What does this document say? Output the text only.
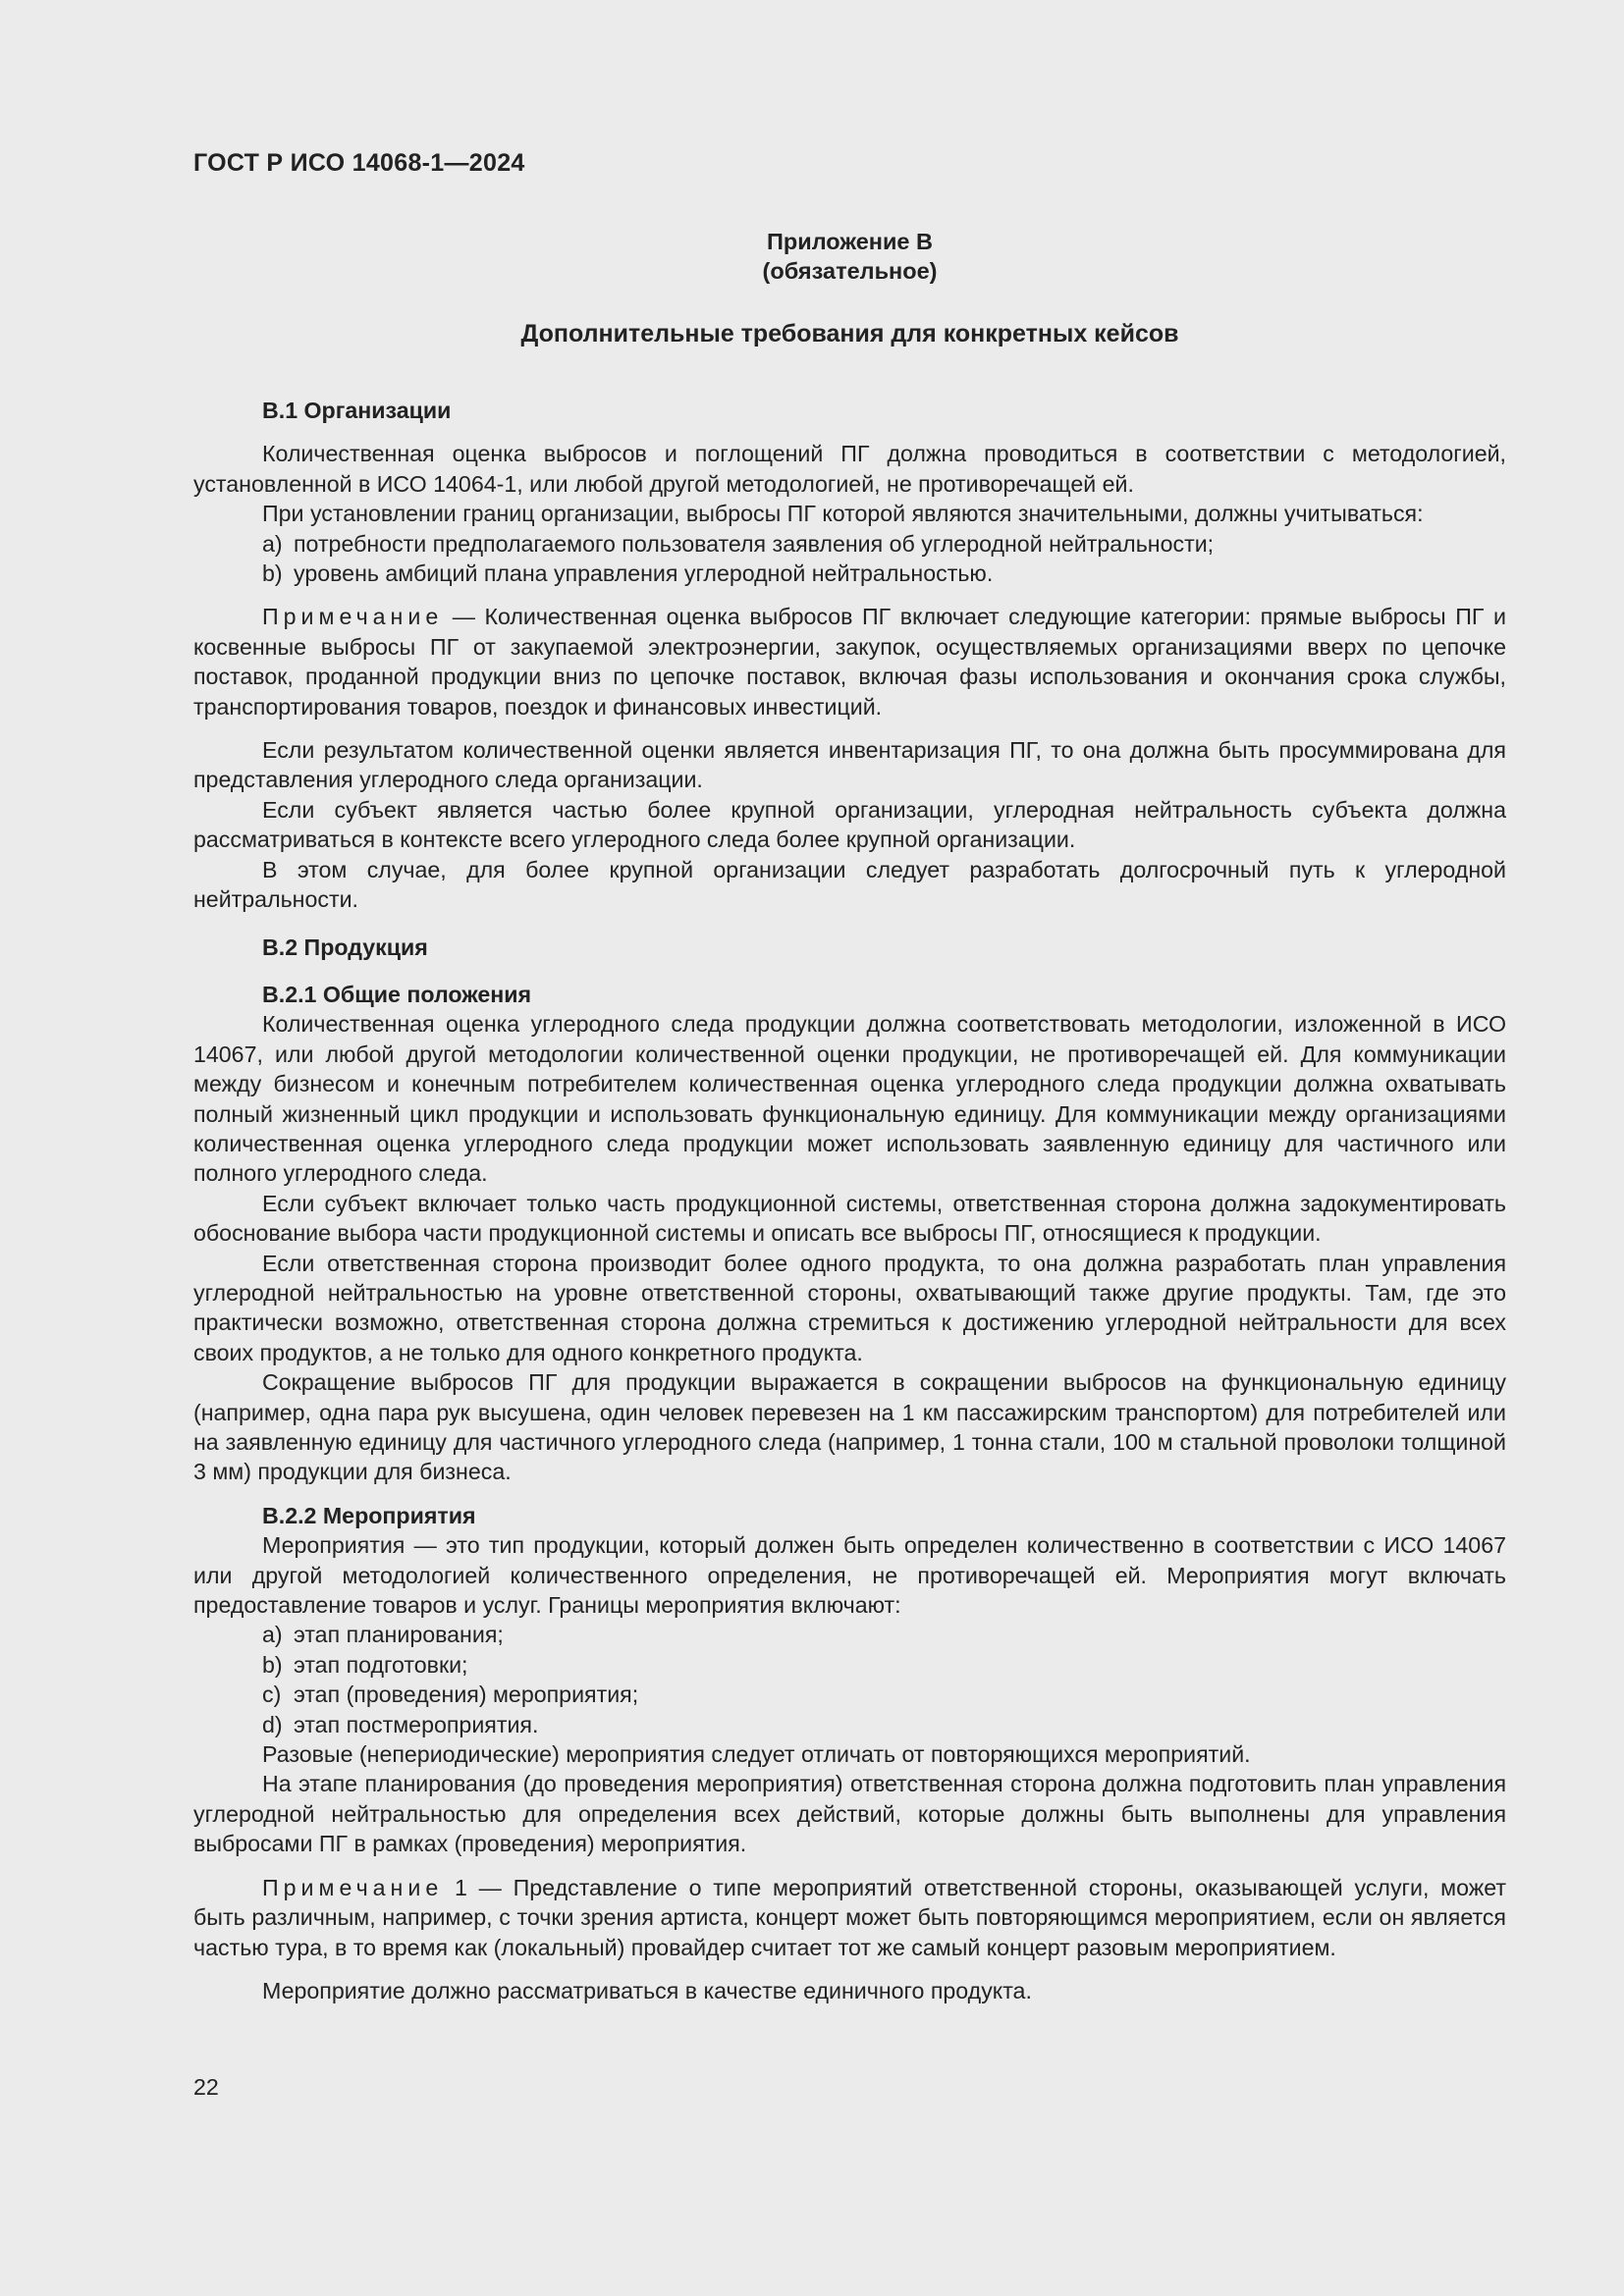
ГОСТ Р ИСО 14068-1—2024
Приложение В
(обязательное)
Дополнительные требования для конкретных кейсов

В.1 Организации

Количественная оценка выбросов и поглощений ПГ должна проводиться в соответствии с методологией, установленной в ИСО 14064-1, или любой другой методологией, не противоречащей ей.

При установлении границ организации, выбросы ПГ которой являются значительными, должны учитываться:

a) потребности предполагаемого пользователя заявления об углеродной нейтральности;

b) уровень амбиций плана управления углеродной нейтральностью.

Примечание — Количественная оценка выбросов ПГ включает следующие категории: прямые выбросы ПГ и косвенные выбросы ПГ от закупаемой электроэнергии, закупок, осуществляемых организациями вверх по цепочке поставок, проданной продукции вниз по цепочке поставок, включая фазы использования и окончания срока службы, транспортирования товаров, поездок и финансовых инвестиций.

Если результатом количественной оценки является инвентаризация ПГ, то она должна быть просуммирована для представления углеродного следа организации.

Если субъект является частью более крупной организации, углеродная нейтральность субъекта должна рассматриваться в контексте всего углеродного следа более крупной организации.

В этом случае, для более крупной организации следует разработать долгосрочный путь к углеродной нейтральности.

В.2 Продукция

В.2.1 Общие положения

Количественная оценка углеродного следа продукции должна соответствовать методологии, изложенной в ИСО 14067, или любой другой методологии количественной оценки продукции, не противоречащей ей. Для коммуникации между бизнесом и конечным потребителем количественная оценка углеродного следа продукции должна охватывать полный жизненный цикл продукции и использовать функциональную единицу. Для коммуникации между организациями количественная оценка углеродного следа продукции может использовать заявленную единицу для частичного или полного углеродного следа.

Если субъект включает только часть продукционной системы, ответственная сторона должна задокументировать обоснование выбора части продукционной системы и описать все выбросы ПГ, относящиеся к продукции.

Если ответственная сторона производит более одного продукта, то она должна разработать план управления углеродной нейтральностью на уровне ответственной стороны, охватывающий также другие продукты. Там, где это практически возможно, ответственная сторона должна стремиться к достижению углеродной нейтральности для всех своих продуктов, а не только для одного конкретного продукта.

Сокращение выбросов ПГ для продукции выражается в сокращении выбросов на функциональную единицу (например, одна пара рук высушена, один человек перевезен на 1 км пассажирским транспортом) для потребителей или на заявленную единицу для частичного углеродного следа (например, 1 тонна стали, 100 м стальной проволоки толщиной 3 мм) продукции для бизнеса.

В.2.2 Мероприятия

Мероприятия — это тип продукции, который должен быть определен количественно в соответствии с ИСО 14067 или другой методологией количественного определения, не противоречащей ей. Мероприятия могут включать предоставление товаров и услуг. Границы мероприятия включают:

a) этап планирования;

b) этап подготовки;

c) этап (проведения) мероприятия;

d) этап постмероприятия.

Разовые (непериодические) мероприятия следует отличать от повторяющихся мероприятий.

На этапе планирования (до проведения мероприятия) ответственная сторона должна подготовить план управления углеродной нейтральностью для определения всех действий, которые должны быть выполнены для управления выбросами ПГ в рамках (проведения) мероприятия.

Примечание 1 — Представление о типе мероприятий ответственной стороны, оказывающей услуги, может быть различным, например, с точки зрения артиста, концерт может быть повторяющимся мероприятием, если он является частью тура, в то время как (локальный) провайдер считает тот же самый концерт разовым мероприятием.

Мероприятие должно рассматриваться в качестве единичного продукта.

22
